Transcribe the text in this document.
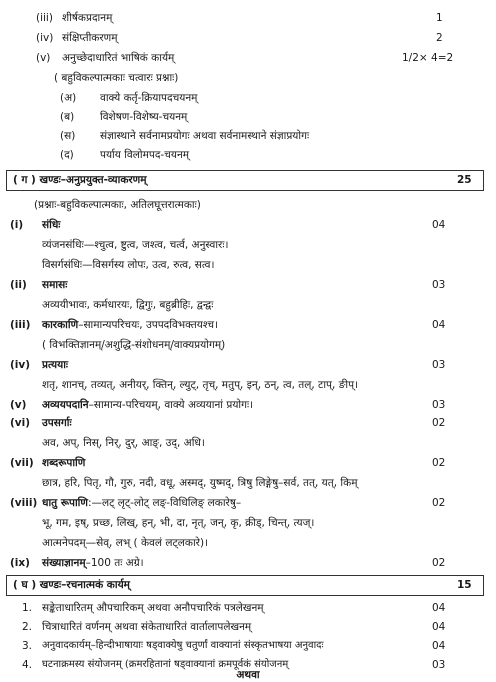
(iii) शीर्षकप्रदानम्	1
(iv) संक्षिप्तीकरणम्	2
(v) अनुच्छेदाधारितं भाषिकं कार्यम्	1/2× 4=2
( बहुविकल्पात्मकाः चत्वारः प्रश्नाः)
(अ) वाक्ये कर्तृ-क्रियापदचयनम्
(ब) विशेषण-विशेष्य-चयनम्
(स) संज्ञास्थाने सर्वनामप्रयोगः अथवा सर्वनामस्थाने संज्ञाप्रयोगः
(द) पर्याय विलोमपद-चयनम्
( ग ) खण्डः–अनुप्रयुक्त-व्याकरणम्	25
(प्रश्नाः-बहुविकल्पात्मकाः, अतिलघूत्तरात्मकाः)
(i) संधिः	04
व्यंजनसंधिः—श्चुत्व, ष्टुत्व, जश्त्व, चर्त्व, अनुस्वारः।
विसर्गसंधिः—विसर्गस्य लोपः, उत्व, रुत्व, सत्व।
(ii) समासः	03
अव्ययीभावः, कर्मधारयः, द्विगुः, बहुब्रीहिः, द्वन्द्वः
(iii) कारकाणि–सामान्यपरिचयः, उपपदविभक्तयश्च।	04
( विभक्तिज्ञानम्/अशुद्धि-संशोधनम्/वाक्यप्रयोगम्)
(iv) प्रत्ययाः	03
शतृ, शानच्, तव्यत्, अनीयर्, क्तिन्, ल्युट्, तृच्, मतुप्, इन्, ठन्, त्व, तल्, टाप्, ङीप्।
(v) अव्ययपदानि–सामान्य-परिचयम्, वाक्ये अव्ययानां प्रयोगः।	03
(vi) उपसर्गाः	02
अव, अप्, निस्, निर्, दुर्, आङ्, उद्, अधि।
(vii) शब्दरूपाणि	02
छात्र, हरि, पितृ, गौ, गुरु, नदी, वधू, अस्मद्, युष्मद्, त्रिषु लिङ्गेषु–सर्व, तत्, यत्, किम्
(viii) धातु रूपाणि:—लट् लृट्-लोट् लङ्-विधिलिङ् लकारेषु–	02
भू, गम, इष्, प्रच्छ, लिख्, हन्, भी, दा, नृत्, जन्, कृ, क्रीड्, चिन्त्, त्यज्।
आत्मनेपदम्—सेव्, लभ् ( केवलं लट्लकारे)।
(ix) संख्याज्ञानम्–100 तः अग्रे।	02
( घ ) खण्डः–रचनात्मकं कार्यम्	15
1. सङ्केताधारितम् औपचारिकम् अथवा अनौपचारिकं पत्रलेखनम्	04
2. चित्राधारितं वर्णनम् अथवा संकेताधारितं वार्तालापलेखनम्	04
3. अनुवादकार्यम्–हिन्दीभाषायाः षड्वाक्येषु चतुर्णां वाक्यानां संस्कृतभाषया अनुवादः	04
4. घटनाक्रमस्य संयोजनम् (क्रमरहितानां षड्वाक्यानां क्रमपूर्वकं संयोजनम्	03
अथवा
